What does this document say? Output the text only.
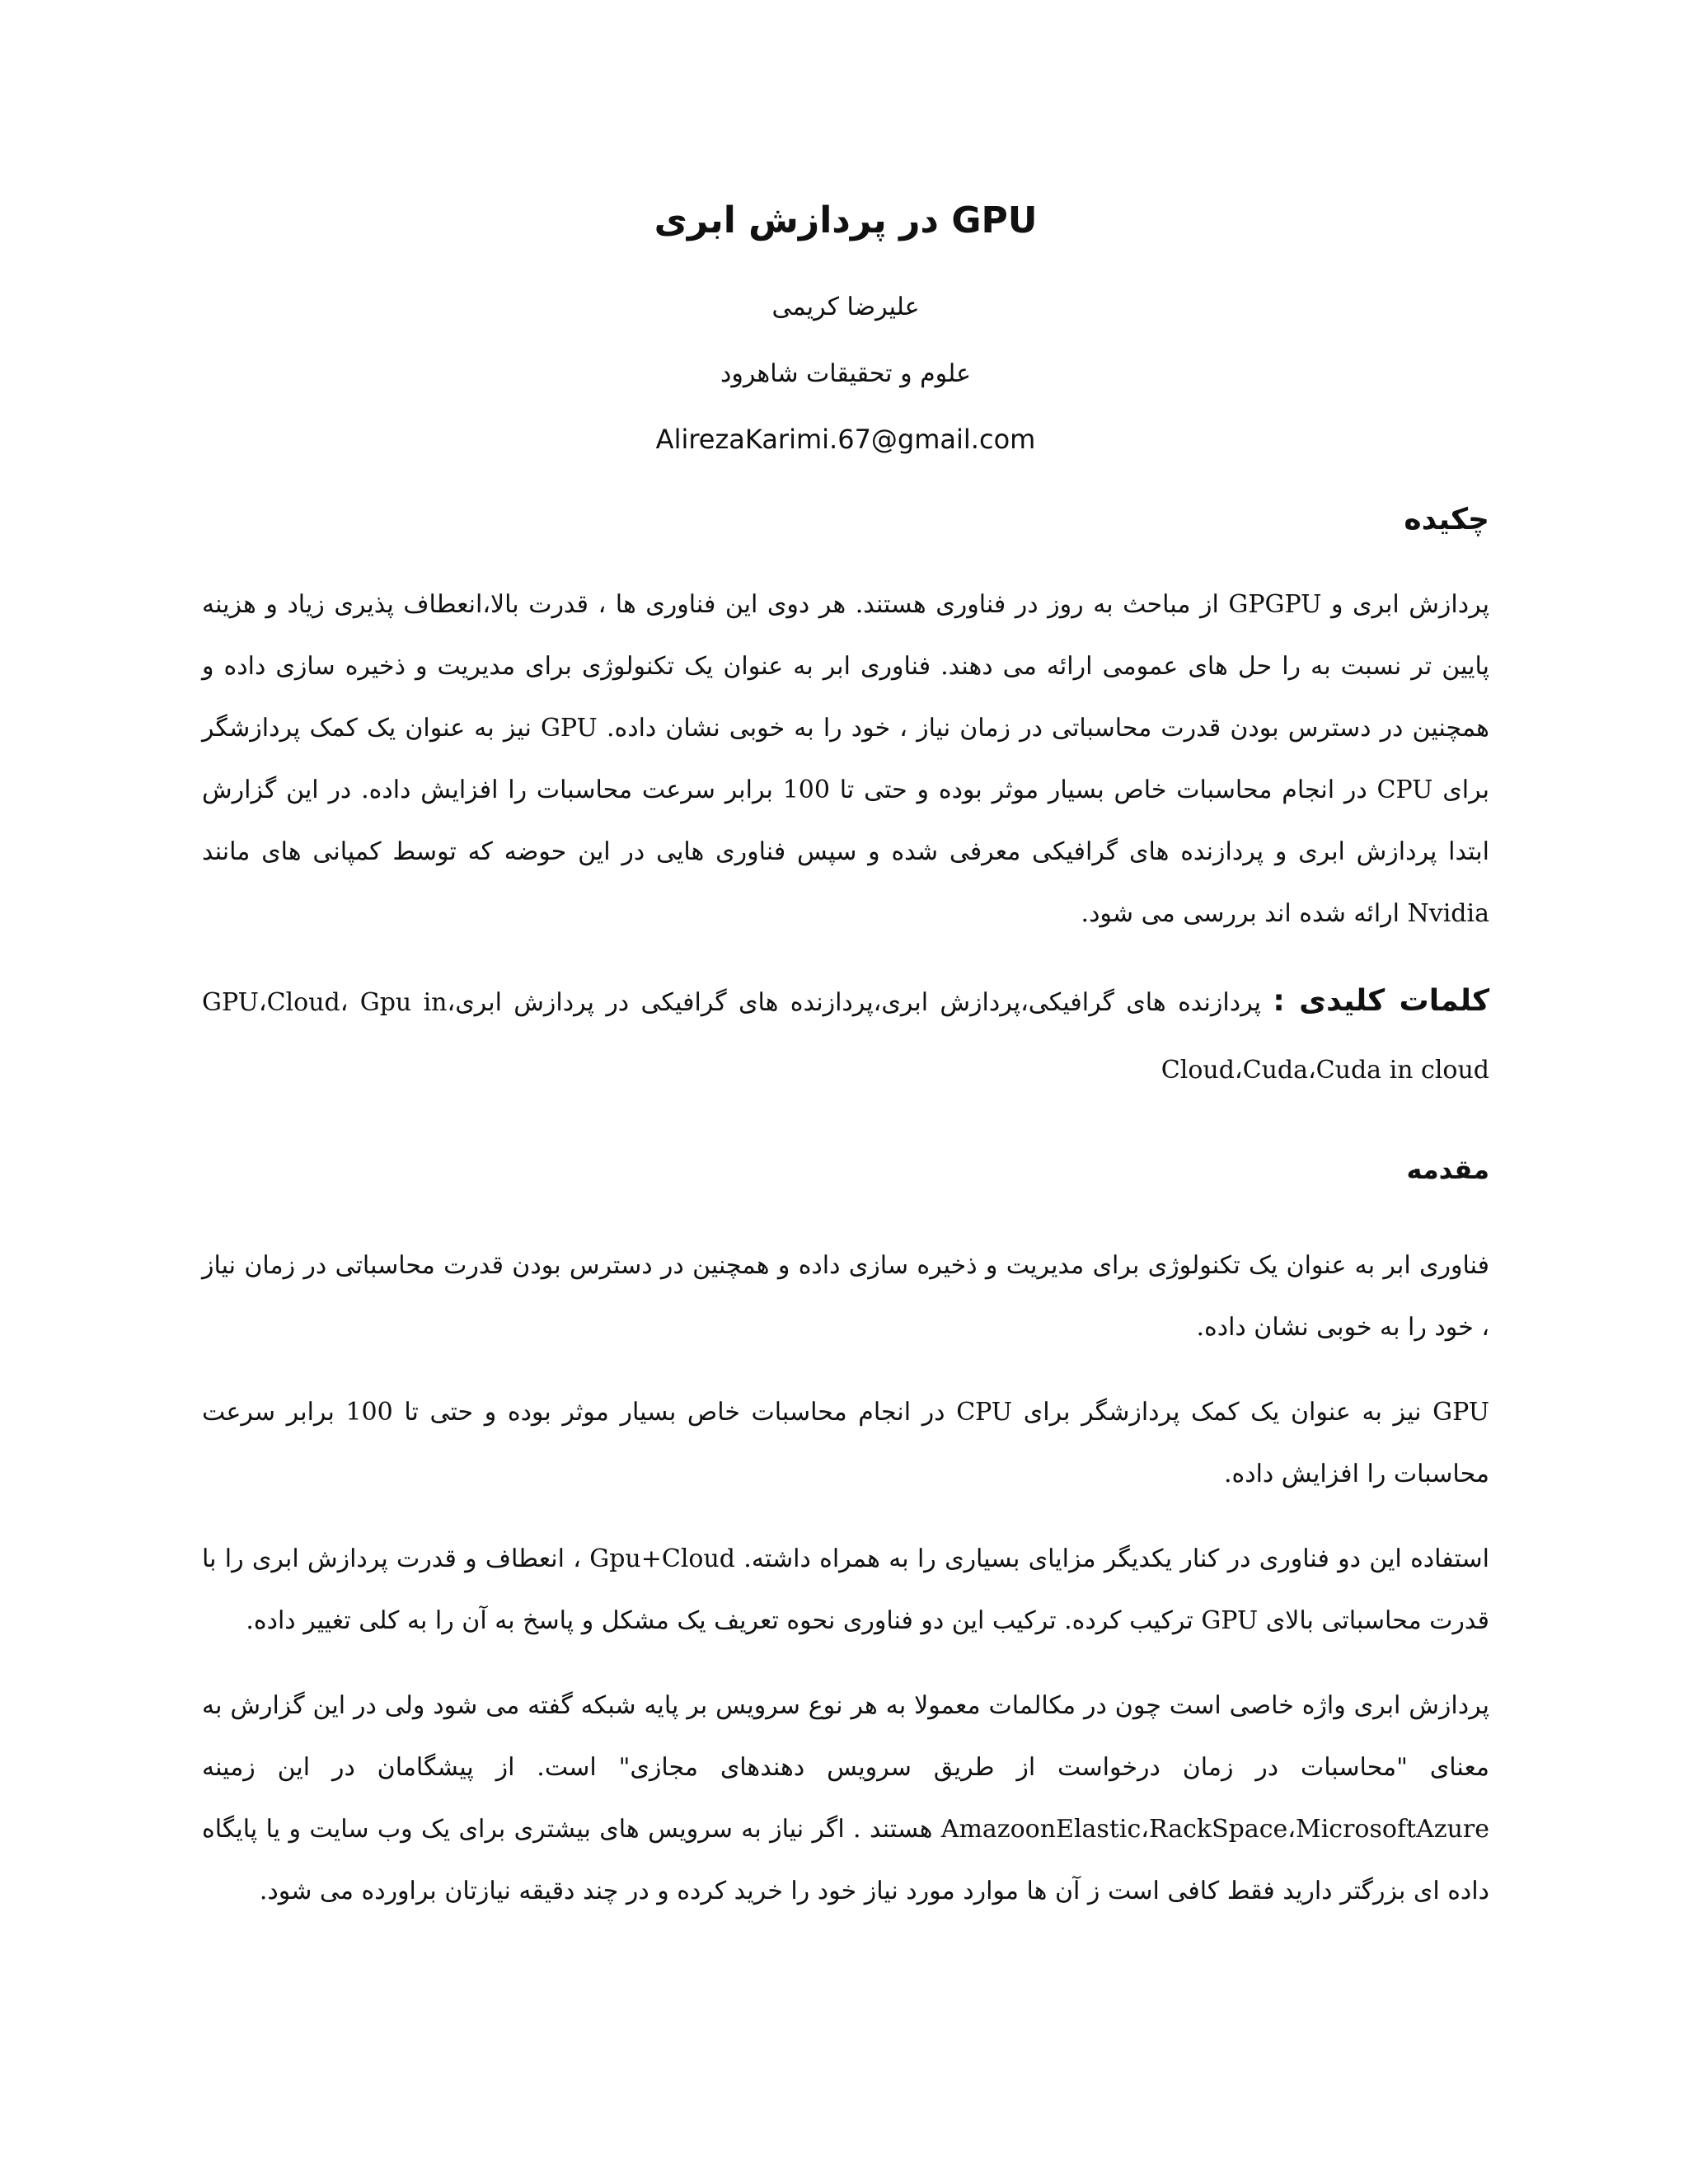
GPU در پردازش ابری
علیرضا کریمی
علوم و تحقیقات شاهرود
AlirezaKarimi.67@gmail.com
چکیده

پردازش ابری و GPGPU از مباحث به روز در فناوری هستند. هر دوی این فناوری ها ، قدرت بالا،انعطاف پذیری زیاد و هزینه پایین تر نسبت به را حل های عمومی ارائه می دهند. فناوری ابر به عنوان یک تکنولوژی برای مدیریت و ذخیره سازی داده و همچنین در دسترس بودن قدرت محاسباتی در زمان نیاز ، خود را به خوبی نشان داده. GPU نیز به عنوان یک کمک پردازشگر برای CPU در انجام محاسبات خاص بسیار موثر بوده و حتی تا 100 برابر سرعت محاسبات را افزایش داده. در این گزارش ابتدا پردازش ابری و پردازنده های گرافیکی معرفی شده و سپس فناوری هایی در این حوضه که توسط کمپانی های مانند Nvidia ارائه شده اند بررسی می شود.

کلمات کلیدی : پردازنده های گرافیکی،پردازش ابری،پردازنده های گرافیکی در پردازش ابری،GPU،Cloud، Gpu in Cloud،Cuda،Cuda in cloud
مقدمه

فناوری ابر به عنوان یک تکنولوژی برای مدیریت و ذخیره سازی داده و همچنین در دسترس بودن قدرت محاسباتی در زمان نیاز ، خود را به خوبی نشان داده.

GPU نیز به عنوان یک کمک پردازشگر برای CPU در انجام محاسبات خاص بسیار موثر بوده و حتی تا 100 برابر سرعت محاسبات را افزایش داده.

استفاده این دو فناوری در کنار یکدیگر مزایای بسیاری را به همراه داشته. Gpu+Cloud ، انعطاف و قدرت پردازش ابری را با قدرت محاسباتی بالای GPU ترکیب کرده. ترکیب این دو فناوری نحوه تعریف یک مشکل و پاسخ به آن را به کلی تغییر داده.

پردازش ابری واژه خاصی است چون در مکالمات معمولا به هر نوع سرویس بر پایه شبکه گفته می شود ولی در این گزارش به معنای "محاسبات در زمان درخواست از طریق سرویس دهندهای مجازی" است. از پیشگامان در این زمینه AmazoonElastic،RackSpace،MicrosoftAzure هستند . اگر نیاز به سرویس های بیشتری برای یک وب سایت و یا پایگاه داده ای بزرگتر دارید فقط کافی است ز آن ها موارد مورد نیاز خود را خرید کرده و در چند دقیقه نیازتان براورده می شود.
